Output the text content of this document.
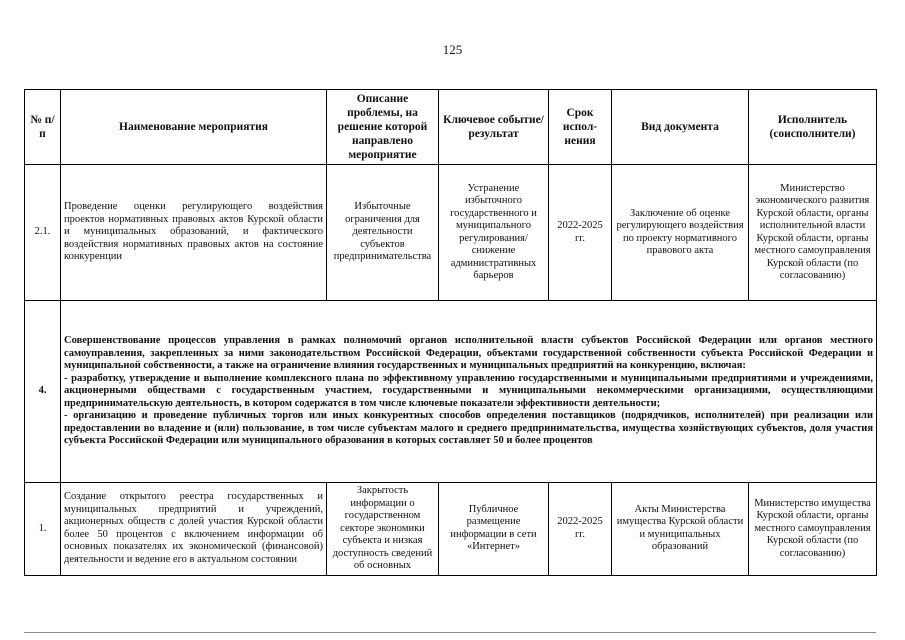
125
№ п/п	Наименование мероприятия	Описание проблемы, на решение которой направлено мероприятие	Ключевое событие/ результат	Срок испол-нения	Вид документа	Исполнитель (соисполнители)
2.1.	Проведение оценки регулирующего воздействия проектов нормативных правовых актов Курской области и муниципальных образований, и фактического воздействия нормативных правовых актов на состояние конкуренции	Избыточные ограничения для деятельности субъектов предпринимательства	Устранение избыточного государственного и муниципального регулирования/снижение административных барьеров	2022-2025 гг.	Заключение об оценке регулирующего воздействия по проекту нормативного правового акта	Министерство экономического развития Курской области, органы исполнительной власти Курской области, органы местного самоуправления Курской области (по согласованию)
4.	Совершенствование процессов управления в рамках полномочий органов исполнительной власти субъектов Российской Федерации или органов местного самоуправления, закрепленных за ними законодательством Российской Федерации, объектами государственной собственности субъекта Российской Федерации и муниципальной собственности, а также на ограничение влияния государственных и муниципальных предприятий на конкуренцию, включая:

- разработку, утверждение и выполнение комплексного плана по эффективному управлению государственными и муниципальными предприятиями и учреждениями, акционерными обществами с государственным участием, государственными и муниципальными некоммерческими организациями, осуществляющими предпринимательскую деятельность, в котором содержатся в том числе ключевые показатели эффективности деятельности;

- организацию и проведение публичных торгов или иных конкурентных способов определения поставщиков (подрядчиков, исполнителей) при реализации или предоставлении во владение и (или) пользование, в том числе субъектам малого и среднего предпринимательства, имущества хозяйствующих субъектов, доля участия субъекта Российской Федерации или муниципального образования в которых составляет 50 и более процентов					

1.	Создание открытого реестра государственных и муниципальных предприятий и учреждений, акционерных обществ с долей участия Курской области более 50 процентов с включением информации об основных показателях их экономической (финансовой) деятельности и ведение его в актуальном состоянии	Закрытость информации о государственном секторе экономики субъекта и низкая доступность сведений об основных	Публичное размещение информации в сети «Интернет»	2022-2025 гг.	Акты Министерства имущества Курской области и муниципальных образований	Министерство имущества Курской области, органы местного самоуправления Курской области (по согласованию)
